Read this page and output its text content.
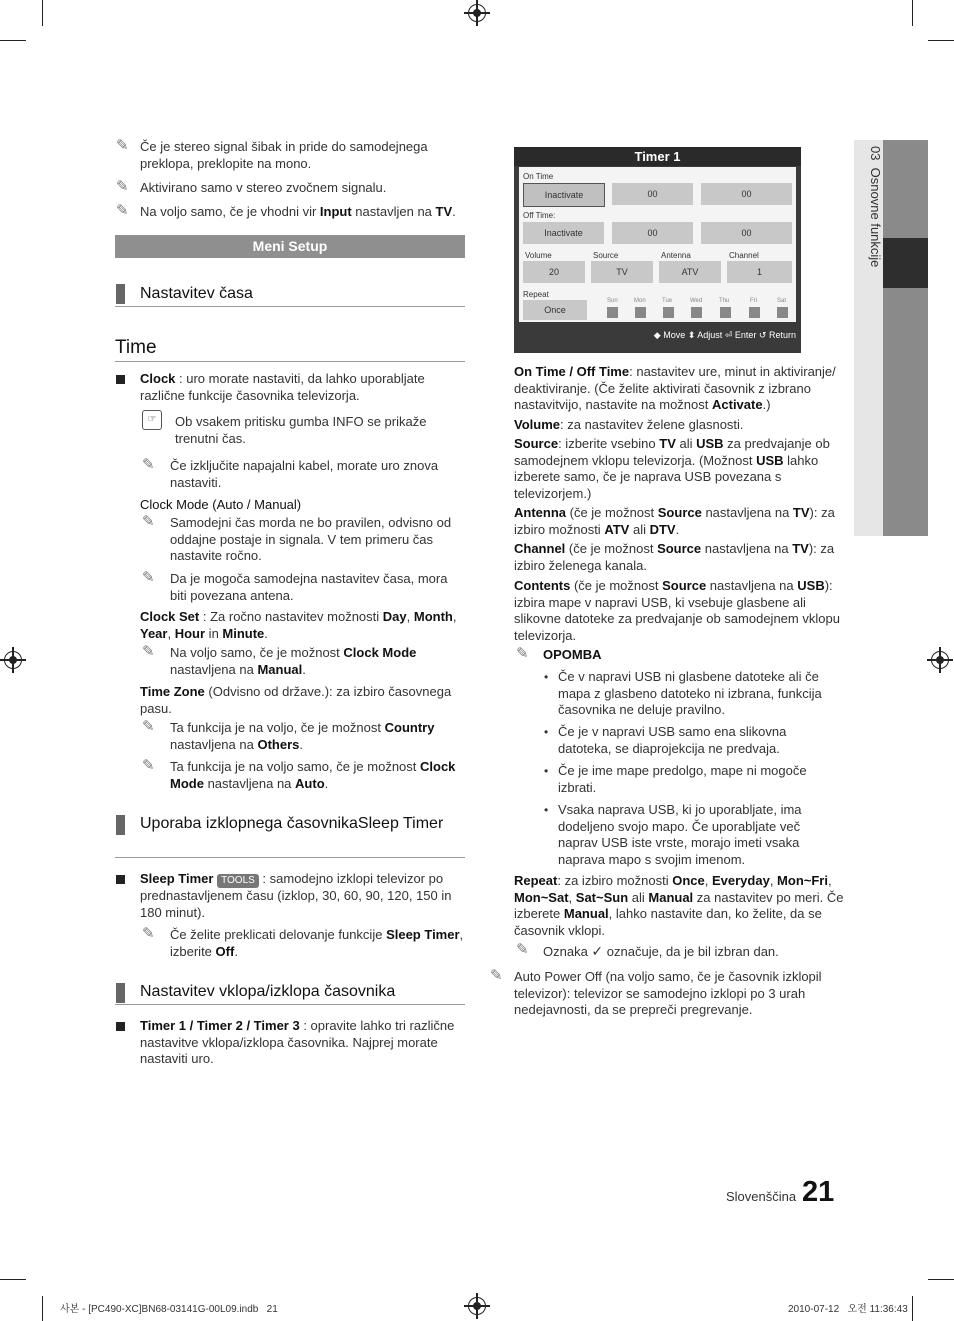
03  Osnovne funkcije
✎ Če je stereo signal šibak in pride do samodejnega preklopa, preklopite na mono.
✎ Aktivirano samo v stereo zvočnem signalu.
✎ Na voljo samo, če je vhodni vir Input nastavljen na TV.
Meni Setup
Nastavitev časa
Time
Clock : uro morate nastaviti, da lahko uporabljate različne funkcije časovnika televizorja.
☞	Ob vsakem pritisku gumba INFO se prikaže trenutni čas.
✎ Če izključite napajalni kabel, morate uro znova nastaviti.
Clock Mode (Auto / Manual)
✎ Samodejni čas morda ne bo pravilen, odvisno od oddajne postaje in signala. V tem primeru čas nastavite ročno.
✎ Da je mogoča samodejna nastavitev časa, mora biti povezana antena.
Clock Set : Za ročno nastavitev možnosti Day, Month, Year, Hour in Minute.
✎ Na voljo samo, če je možnost Clock Mode nastavljena na Manual.
Time Zone (Odvisno od države.): za izbiro časovnega pasu.
✎ Ta funkcija je na voljo, če je možnost Country nastavljena na Others.
✎ Ta funkcija je na voljo samo, če je možnost Clock Mode nastavljena na Auto.
Uporaba izklopnega časovnikaSleep Timer
Sleep Timer TOOLS : samodejno izklopi televizor po prednastavljenem času (izklop, 30, 60, 90, 120, 150 in 180 minut).
✎ Če želite preklicati delovanje funkcije Sleep Timer, izberite Off.
Nastavitev vklopa/izklopa časovnika
Timer 1 / Timer 2 / Timer 3 : opravite lahko tri različne nastavitve vklopa/izklopa časovnika. Najprej morate nastaviti uro.
Timer 1
On Time
Inactivate	00	00
Off Time:
Inactivate	00	00
Volume	Source	Antenna	Channel
20	TV	ATV	1
Repeat
Once
Sun	Mon	Tue	Wed	Thu	Fri	Sat
◆ Move ⬍ Adjust ⏎ Enter ↺ Return
On Time / Off Time: nastavitev ure, minut in aktiviranje/ deaktiviranje. (Če želite aktivirati časovnik z izbrano nastavitvijo, nastavite na možnost Activate.)
Volume: za nastavitev želene glasnosti.
Source: izberite vsebino TV ali USB za predvajanje ob samodejnem vklopu televizorja. (Možnost USB lahko izberete samo, če je naprava USB povezana s televizorjem.)
Antenna (če je možnost Source nastavljena na TV): za izbiro možnosti ATV ali DTV.
Channel (če je možnost Source nastavljena na TV): za izbiro želenega kanala.
Contents (če je možnost Source nastavljena na USB): izbira mape v napravi USB, ki vsebuje glasbene ali slikovne datoteke za predvajanje ob samodejnem vklopu televizorja.
✎ OPOMBA
• Če v napravi USB ni glasbene datoteke ali če mapa z glasbeno datoteko ni izbrana, funkcija časovnika ne deluje pravilno.
• Če je v napravi USB samo ena slikovna datoteka, se diaprojekcija ne predvaja.
• Če je ime mape predolgo, mape ni mogoče izbrati.
• Vsaka naprava USB, ki jo uporabljate, ima dodeljeno svojo mapo. Če uporabljate več naprav USB iste vrste, morajo imeti vsaka naprava mapo s svojim imenom.
Repeat: za izbiro možnosti Once, Everyday, Mon~Fri, Mon~Sat, Sat~Sun ali Manual za nastavitev po meri. Če izberete Manual, lahko nastavite dan, ko želite, da se časovnik vklopi.
✎ Oznaka ✓ označuje, da je bil izbran dan.
✎ Auto Power Off (na voljo samo, če je časovnik izklopil televizor): televizor se samodejno izklopi po 3 urah nedejavnosti, da se prepreči pregrevanje.
Slovenščina 21
사본 - [PC490-XC]BN68-03141G-00L09.indb   21	2010-07-12   오전 11:36:43
